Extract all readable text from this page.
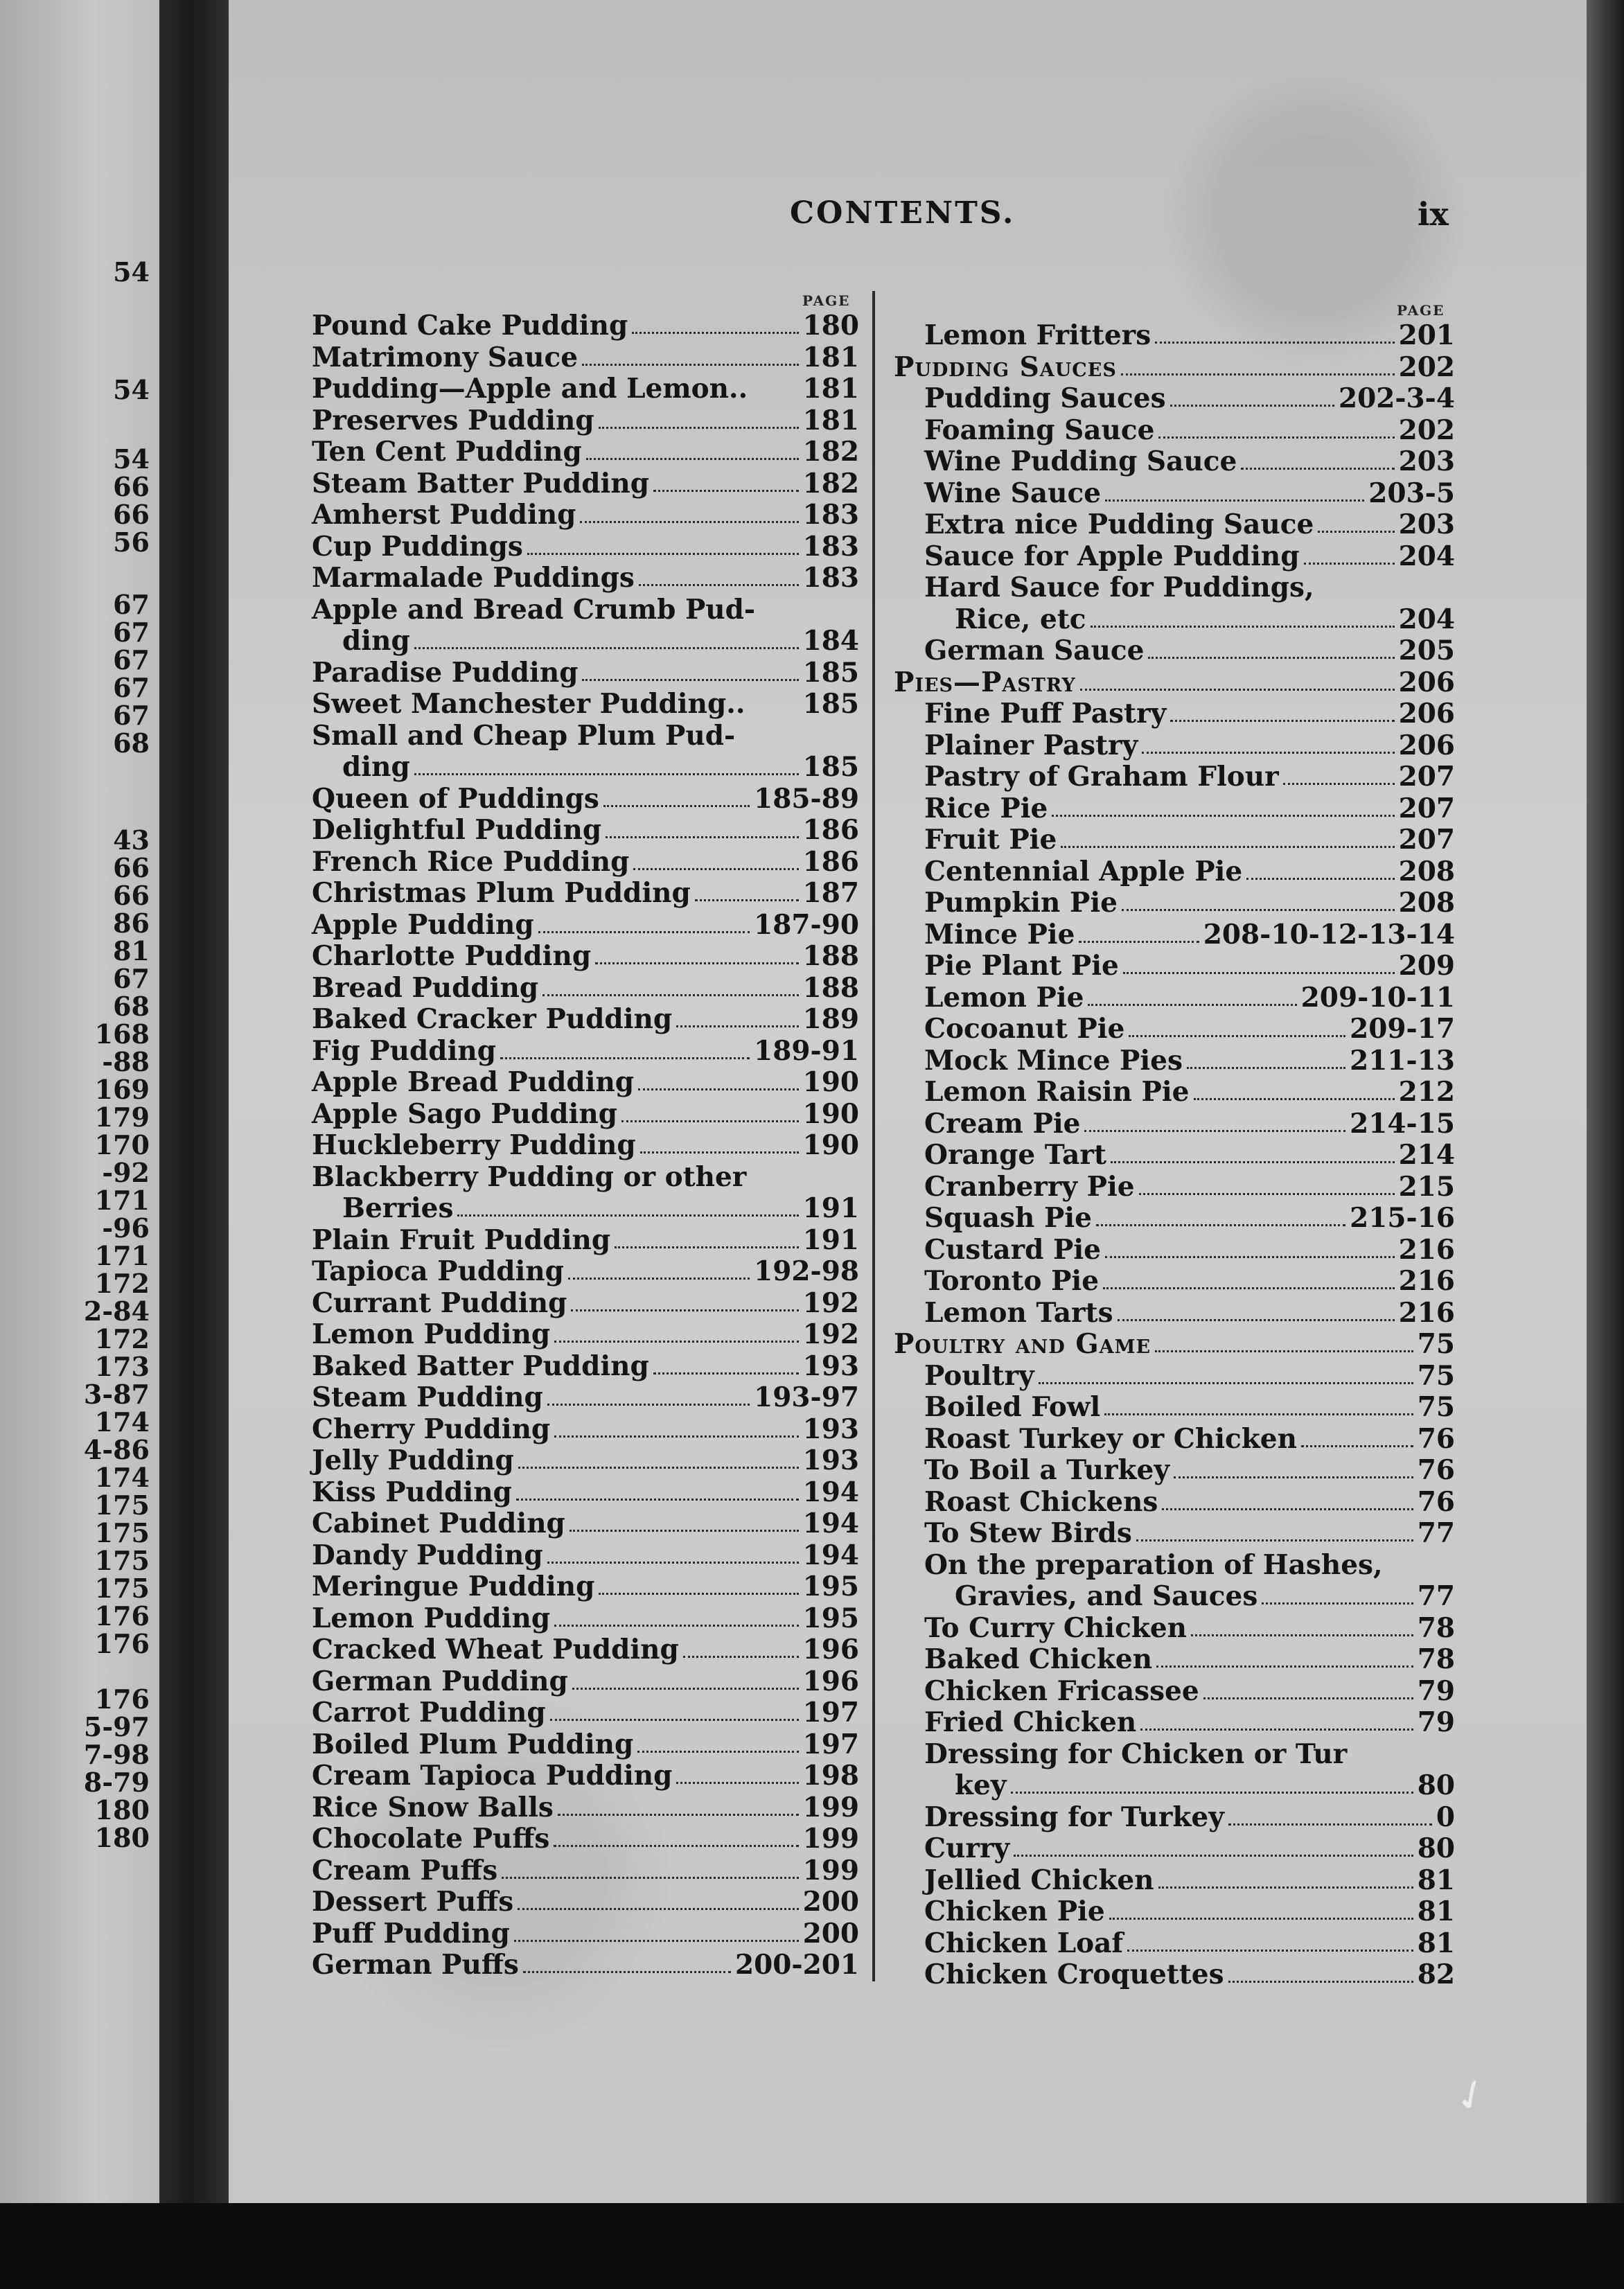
54
54
54
66
66
56
67
67
67
67
67
68
43
66
66
86
81
67
68
168
-88
169
179
170
-92
171
-96
171
172
2-84
172
173
3-87
174
4-86
174
175
175
175
175
176
176
176
5-97
7-98
8-79
180
180
CONTENTS.	ix
PAGE
PAGE
Pound Cake Pudding	180
Matrimony Sauce	181
Pudding—Apple and Lemon.. 181
Preserves Pudding	181
Ten Cent Pudding	182
Steam Batter Pudding	182
Amherst Pudding	183
Cup Puddings	183
Marmalade Puddings	183
Apple and Bread Crumb Pud-
ding	184
Paradise Pudding	185
Sweet Manchester Pudding.. 185
Small and Cheap Plum Pud-
ding	185
Queen of Puddings	185-89
Delightful Pudding	186
French Rice Pudding	186
Christmas Plum Pudding	187
Apple Pudding	187-90
Charlotte Pudding	188
Bread Pudding	188
Baked Cracker Pudding	189
Fig Pudding	189-91
Apple Bread Pudding	190
Apple Sago Pudding	190
Huckleberry Pudding	190
Blackberry Pudding or other
Berries	191
Plain Fruit Pudding	191
Tapioca Pudding	192-98
Currant Pudding	192
Lemon Pudding	192
Baked Batter Pudding	193
Steam Pudding	193-97
Cherry Pudding	193
Jelly Pudding	193
Kiss Pudding	194
Cabinet Pudding	194
Dandy Pudding	194
Meringue Pudding	195
Lemon Pudding	195
Cracked Wheat Pudding	196
German Pudding	196
Carrot Pudding	197
Boiled Plum Pudding	197
Cream Tapioca Pudding	198
Rice Snow Balls	199
Chocolate Puffs	199
Cream Puffs	199
Dessert Puffs	200
Puff Pudding	200
German Puffs	200-201
Lemon Fritters	201
Pudding Sauces	202
Pudding Sauces	202-3-4
Foaming Sauce	202
Wine Pudding Sauce	203
Wine Sauce	203-5
Extra nice Pudding Sauce	203
Sauce for Apple Pudding	204
Hard Sauce for Puddings,
Rice, etc	204
German Sauce	205
Pies—Pastry	206
Fine Puff Pastry	206
Plainer Pastry	206
Pastry of Graham Flour	207
Rice Pie	207
Fruit Pie	207
Centennial Apple Pie	208
Pumpkin Pie	208
Mince Pie	208-10-12-13-14
Pie Plant Pie	209
Lemon Pie	209-10-11
Cocoanut Pie	209-17
Mock Mince Pies	211-13
Lemon Raisin Pie	212
Cream Pie	214-15
Orange Tart	214
Cranberry Pie	215
Squash Pie	215-16
Custard Pie	216
Toronto Pie	216
Lemon Tarts	216
Poultry and Game	75
Poultry	75
Boiled Fowl	75
Roast Turkey or Chicken	76
To Boil a Turkey	76
Roast Chickens	76
To Stew Birds	77
On the preparation of Hashes,
Gravies, and Sauces	77
To Curry Chicken	78
Baked Chicken	78
Chicken Fricassee	79
Fried Chicken	79
Dressing for Chicken or Tur
key	80
Dressing for Turkey	0
Curry	80
Jellied Chicken	81
Chicken Pie	81
Chicken Loaf	81
Chicken Croquettes	82
